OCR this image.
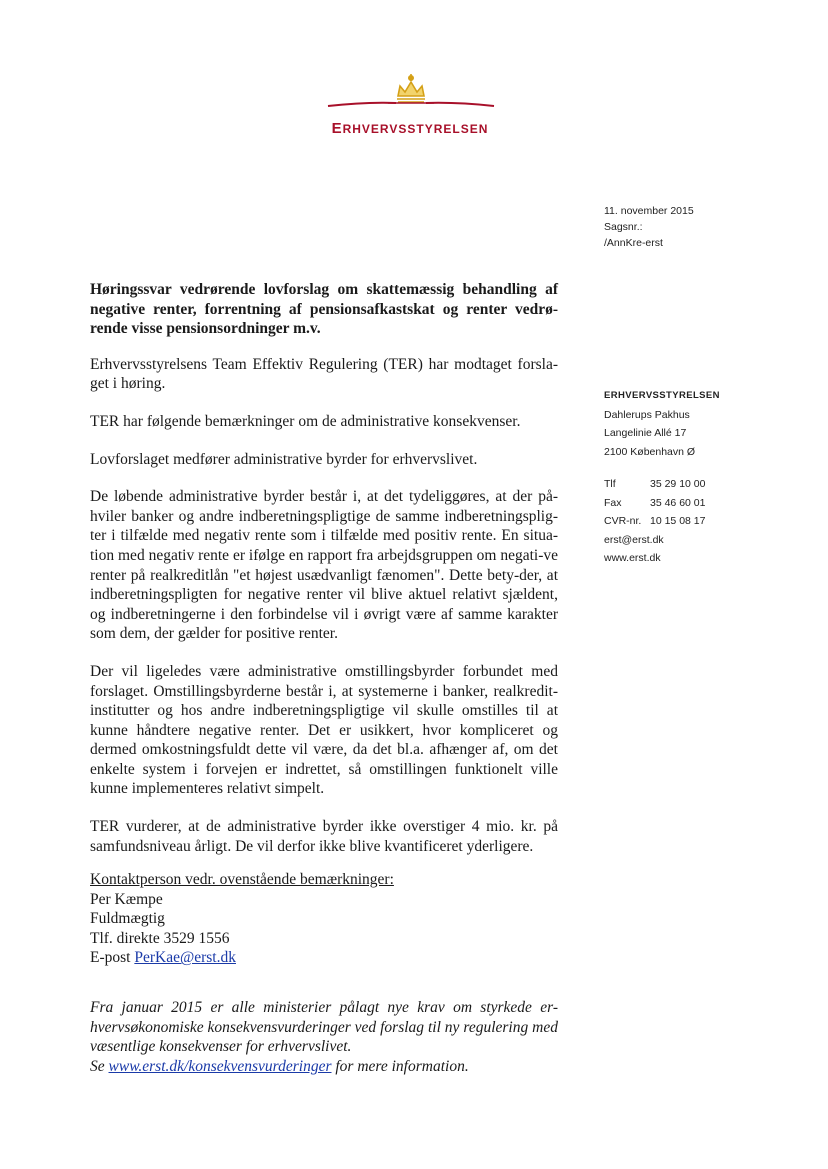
ERHVERVSSTYRELSEN
11. november 2015
Sagsnr.:
/AnnKre-erst
ERHVERVSSTYRELSEN
Dahlerups Pakhus
Langelinie Allé 17
2100 København Ø
Tlf	35 29 10 00
Fax	35 46 60 01
CVR-nr.	10 15 08 17
erst@erst.dk
www.erst.dk

Høringssvar vedrørende lovforslag om skattemæssig behandling af negative renter, forrentning af pensionsafkastskat og renter vedrø-rende visse pensionsordninger m.v.

Erhvervsstyrelsens Team Effektiv Regulering (TER) har modtaget forsla-get i høring.

TER har følgende bemærkninger om de administrative konsekvenser.

Lovforslaget medfører administrative byrder for erhvervslivet.

De løbende administrative byrder består i, at det tydeliggøres, at der på-hviler banker og andre indberetningspligtige de samme indberetningsplig-ter i tilfælde med negativ rente som i tilfælde med positiv rente. En situa-tion med negativ rente er ifølge en rapport fra arbejdsgruppen om negati-ve renter på realkreditlån "et højest usædvanligt fænomen". Dette bety-der, at indberetningspligten for negative renter vil blive aktuel relativt sjældent, og indberetningerne i den forbindelse vil i øvrigt være af samme karakter som dem, der gælder for positive renter.

Der vil ligeledes være administrative omstillingsbyrder forbundet med forslaget. Omstillingsbyrderne består i, at systemerne i banker, realkredit-institutter og hos andre indberetningspligtige vil skulle omstilles til at kunne håndtere negative renter. Det er usikkert, hvor kompliceret og dermed omkostningsfuldt dette vil være, da det bl.a. afhænger af, om det enkelte system i forvejen er indrettet, så omstillingen funktionelt ville kunne implementeres relativt simpelt.

TER vurderer, at de administrative byrder ikke overstiger 4 mio. kr. på samfundsniveau årligt. De vil derfor ikke blive kvantificeret yderligere.

Kontaktperson vedr. ovenstående bemærkninger:
Per Kæmpe
Fuldmægtig
Tlf. direkte 3529 1556
E-post PerKae@erst.dk
Fra januar 2015 er alle ministerier pålagt nye krav om styrkede er-hvervsøkonomiske konsekvensvurderinger ved forslag til ny regulering med væsentlige konsekvenser for erhvervslivet.
Se www.erst.dk/konsekvensvurderinger for mere information.
